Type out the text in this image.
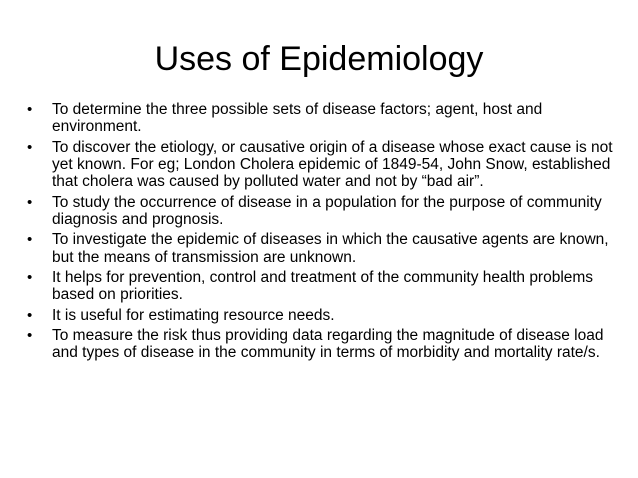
Uses of Epidemiology
• To determine the three possible sets of disease factors; agent, host and environment.
• To discover the etiology, or causative origin of a disease whose exact cause is not yet known. For eg; London Cholera epidemic of 1849-54, John Snow, established that cholera was caused by polluted water and not by “bad air”.
• To study the occurrence of disease in a population for the purpose of community diagnosis and prognosis.
• To investigate the epidemic of diseases in which the causative agents are known, but the means of transmission are unknown.
• It helps for prevention, control and treatment of the community health problems based on priorities.
• It is useful for estimating resource needs.
• To measure the risk thus providing data regarding the magnitude of disease load and types of disease in the community in terms of morbidity and mortality rate/s.
